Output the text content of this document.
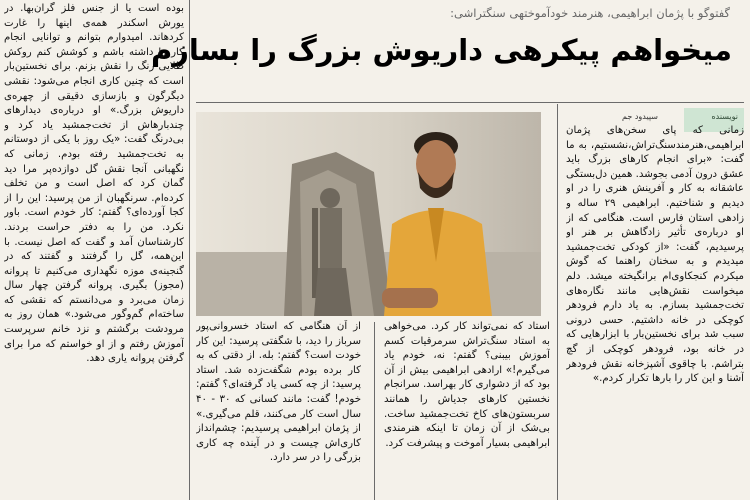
گفتوگو با پژمان ابراهیمی، هنرمند خودآموختهی سنگتراشی:
میخواهم پیکرهی داریوش بزرگ را بسازم
نویسنده
سپیدود جم

زمانی که پای سخن‌های پژمان ابراهیمی،هنرمندسنگ‌تراش،نشستیم، به ما گفت: «برای انجام کارهای بزرگ باید عشق درون آدمی بجوشد. همین دل‌بستگی عاشقانه به کار و آفرینش هنری را در او دیدیم و شناختیم. ابراهیمی ۲۹ ساله و زادهی استان فارس است. هنگامی که از او درباره‌ی تأثیر زادگاهش بر هنر او پرسیدیم، گفت: «از کودکی تخت‌جمشید میدیدم و به سخنان راهنما که گوش میکردم کنجکاوی‌ام برانگیخته میشد. دلم میخواست نقش‌هایی مانند نگاره‌های تخت‌جمشید بسازم. به یاد دارم فرودهر کوچکی در خانه داشتیم. حسی درونی سبب شد برای نخستین‌بار با ابزارهایی که در خانه بود، فرودهر کوچکی از گچ بتراشم. با چاقوی آشپزخانه نقش فرودهر آشنا و این کار را بارها تکرار کردم.»

استاد که نمی‌تواند کار کرد. می‌خواهی به استاد سنگ‌تراش سرمرقیات کسم آموزش بیبنی؟ گفتم: نه، خودم یاد می‌گیرم!» ارادهی ابراهیمی بیش از آن بود که از دشواری کار بهراسد. سرانجام نخستین کارهای جدیاش را همانند سربستون‌های کاخ تخت‌جمشید ساخت. بی‌شک از آن زمان تا اینکه هنرمندی ابراهیمی بسیار آموخت و پیشرفت کرد.

از آن هنگامی که استاد خسروانی‌پور سرباز را دید، با شگفتی پرسید: این کار خودت است؟ گفتم: بله. از دقتی که به کار برده بودم شگفت‌زده شد. استاد پرسید: از چه کسی یاد گرفته‌ای؟ گفتم: خودم! گفت: مانند کسانی که ۳۰ - ۴۰ سال است کار می‌کنند، قلم می‌گیری.» از پژمان ابراهیمی پرسیدیم: چشم‌انداز کاری‌اش چیست و در آینده چه کاری بزرگی را در سر دارد.

بوده است یا از جنس فلز گران‌بها. در یورش اسکندر همه‌ی اینها را غارت کردهاند. امیدوارم بتوانم و توانایی انجام کار را داشته باشم و کوشش کنم روکش طلایی رنگ را نقش بزنم. برای نخستین‌بار است که چنین کاری انجام می‌شود: نقشی دیگرگون و بازسازی دقیقی از چهره‌ی داریوش بزرگ.» او درباره‌ی دیدارهای چندبارهاش از تخت‌جمشید یاد کرد و بی‌درنگ گفت: «یک روز با یکی از دوستانم به تخت‌جمشید رفته بودم. زمانی که نگهبانی آنجا نقش گل دوازده‌پر مرا دید گمان کرد که اصل است و من تخلف کرده‌ام. سرنگهبان از من پرسید: این را از کجا آورده‌ای؟ گفتم: کار خودم است. باور نکرد. من را به دفتر حراست بردند. کارشناسان آمد و گفت که اصل نیست. با این‌همه، گل را گرفتند و گفتند که در گنجینه‌ی موزه نگهداری می‌کنیم تا پروانه (مجوز) بگیری. پروانه گرفتن چهار سال زمان می‌برد و می‌دانستم که نقشی که ساخته‌ام گم‌وگور می‌شود.» همان روز به مرودشت برگشتم و نزد خانم سرپرست آموزش رفتم و از او خواستم که مرا برای گرفتن پروانه یاری دهد.
